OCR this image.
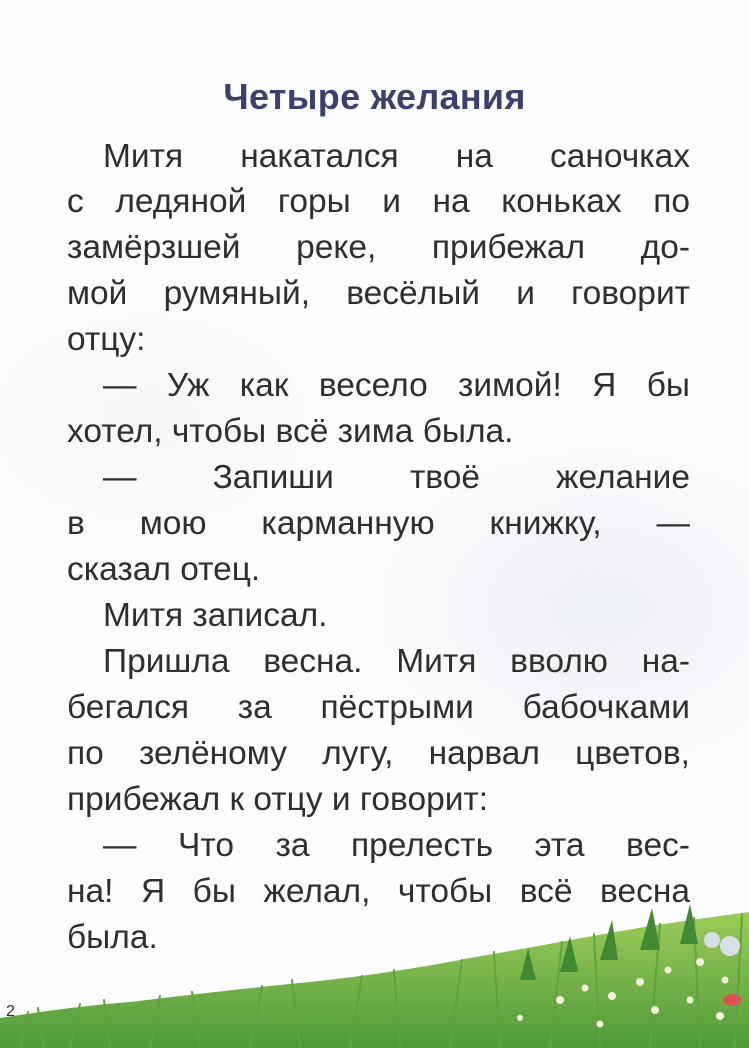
Четыре желания

Митя накатался на саночках

с ледяной горы и на коньках по

замёрзшей реке, прибежал до-

мой румяный, весёлый и говорит

отцу:

— Уж как весело зимой! Я бы

хотел, чтобы всё зима была.

— Запиши твоё желание

в мою карманную книжку, —

сказал отец.

Митя записал.

Пришла весна. Митя вволю на-

бегался за пёстрыми бабочками

по зелёному лугу, нарвал цветов,

прибежал к отцу и говорит:

— Что за прелесть эта вес-

на! Я бы желал, чтобы всё весна

была.

2
